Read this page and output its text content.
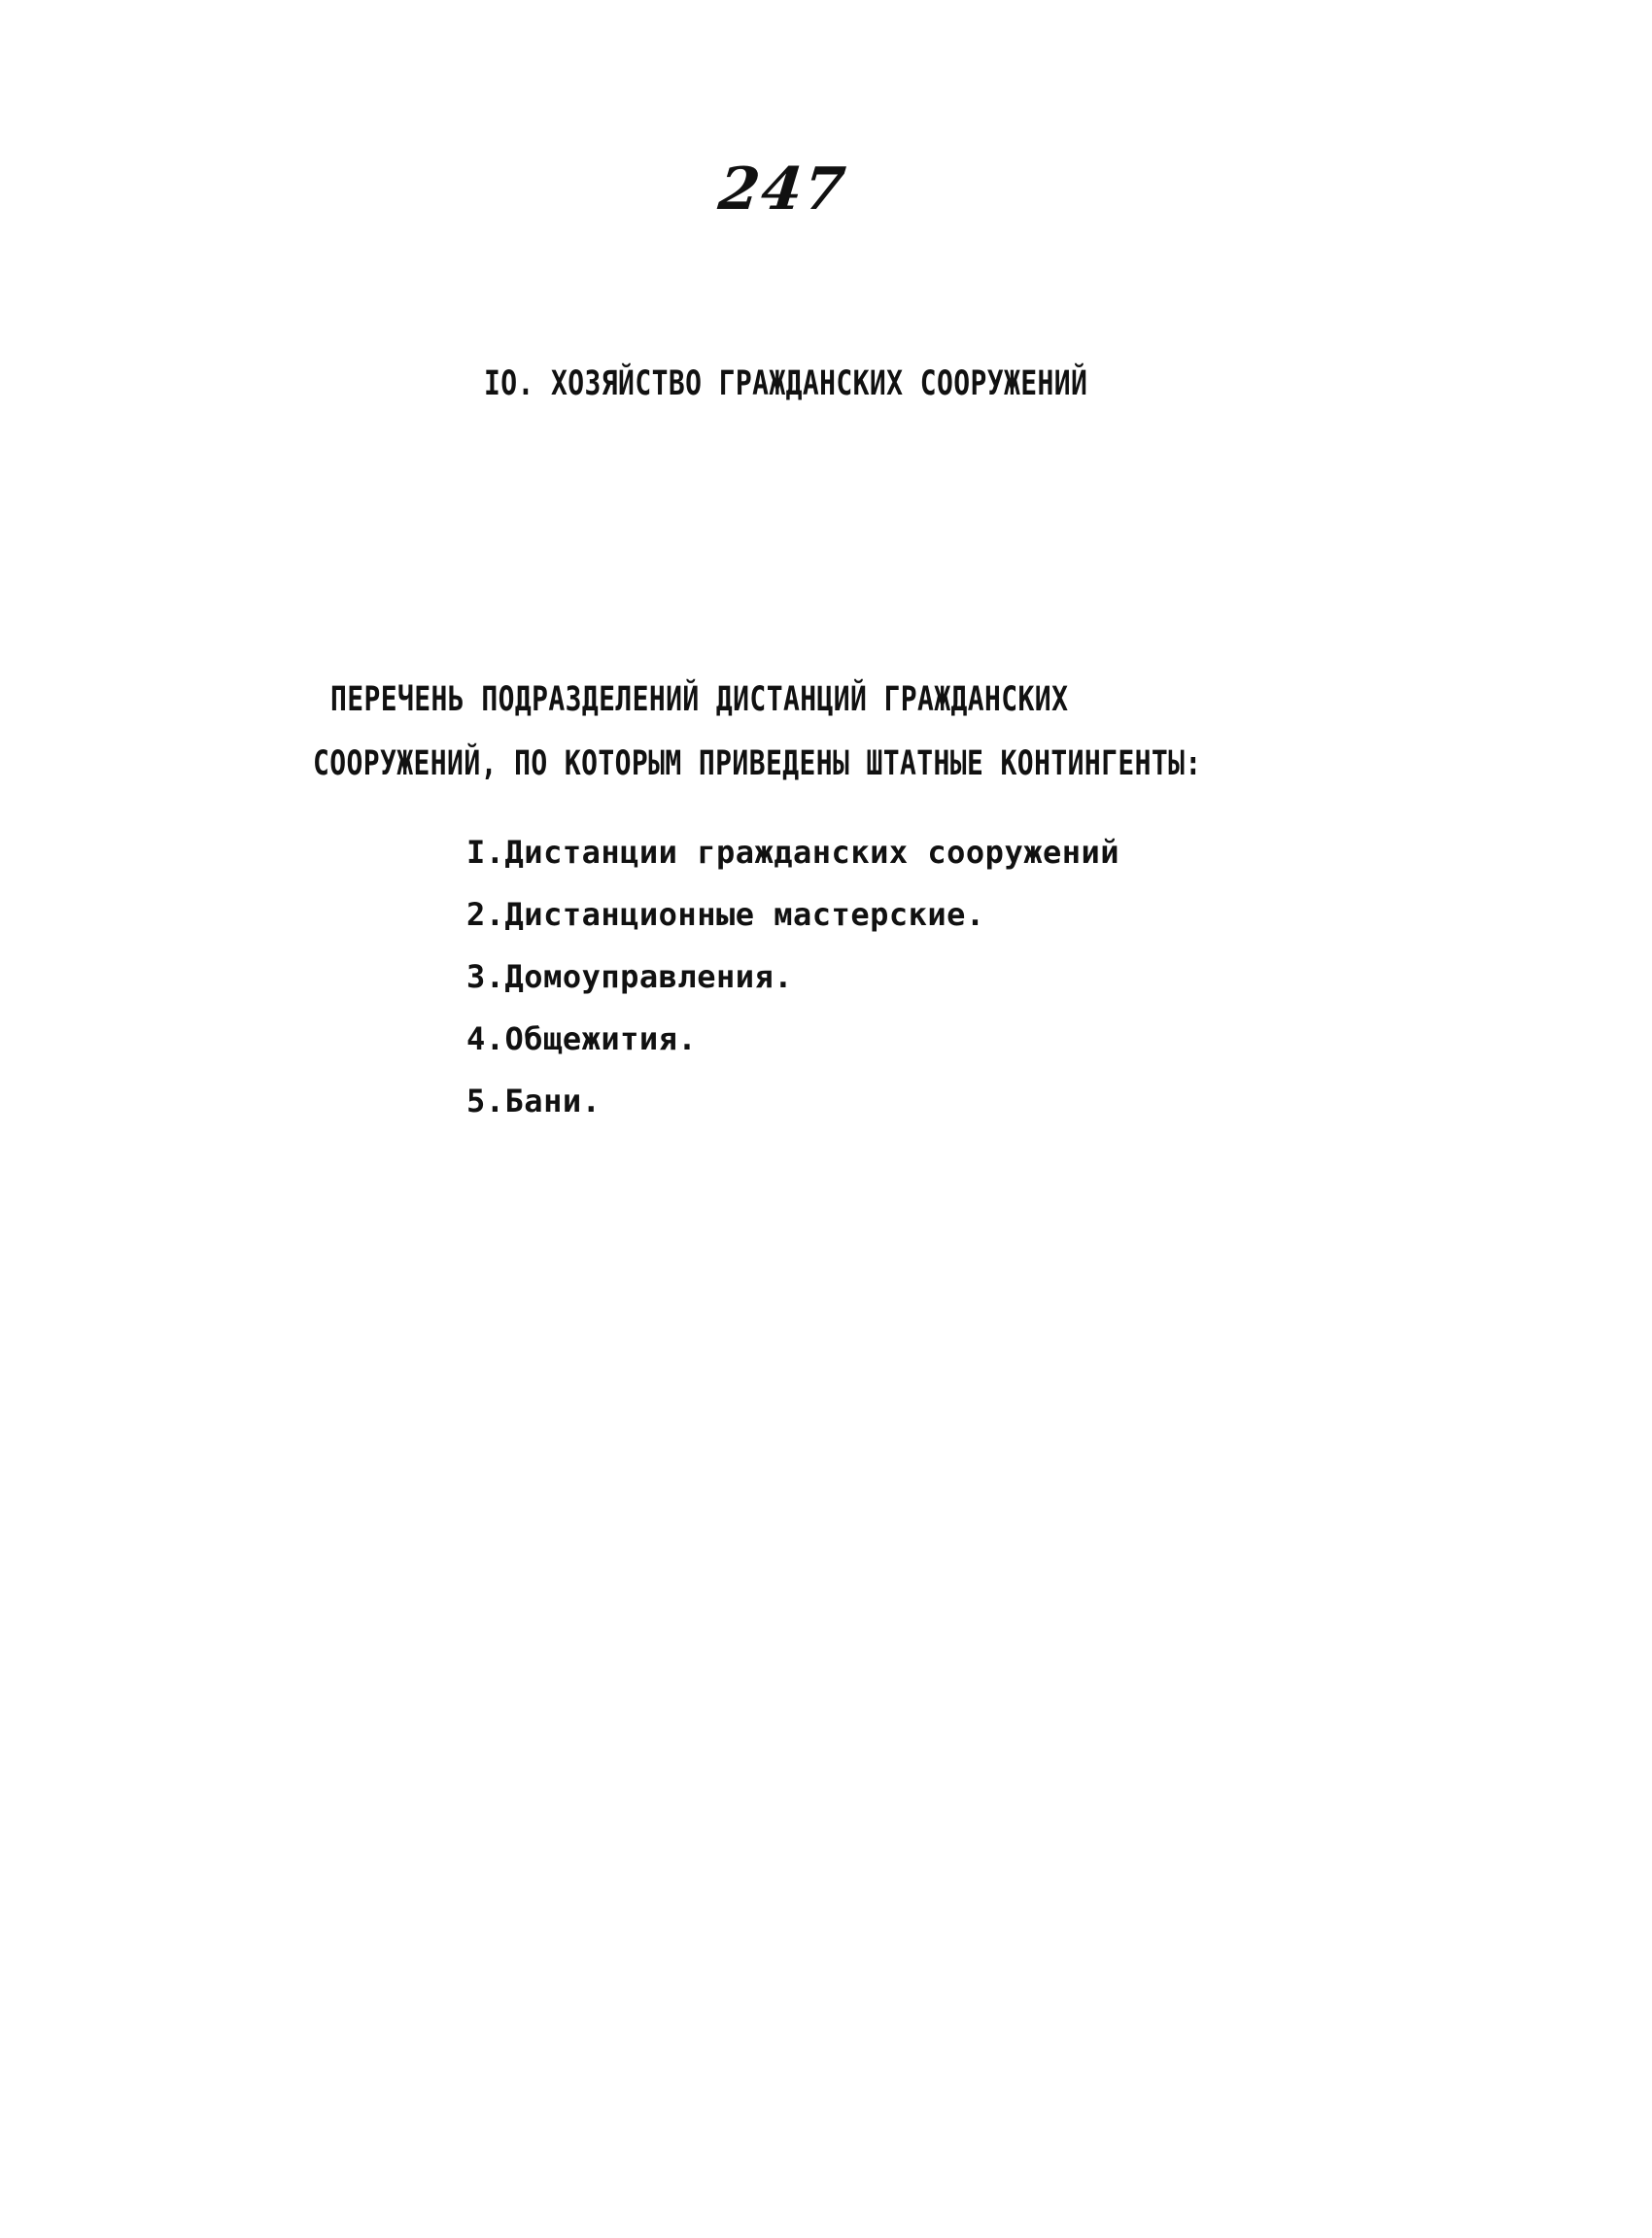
247
IO. ХОЗЯЙСТВО ГРАЖДАНСКИХ СООРУЖЕНИЙ
ПЕРЕЧЕНЬ ПОДРАЗДЕЛЕНИЙ ДИСТАНЦИЙ ГРАЖДАНСКИХ
СООРУЖЕНИЙ, ПО КОТОРЫМ ПРИВЕДЕНЫ ШТАТНЫЕ КОНТИНГЕНТЫ:
I.Дистанции гражданских сооружений
2.Дистанционные мастерские.
3.Домоуправления.
4.Общежития.
5.Бани.
